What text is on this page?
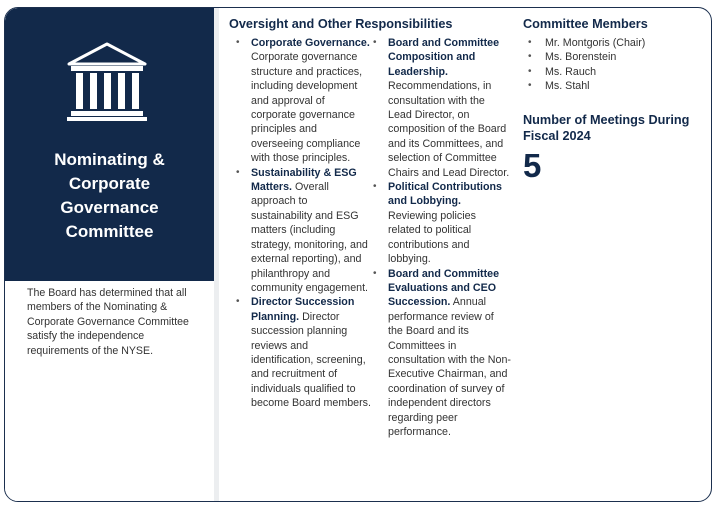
Nominating &
Corporate
Governance
Committee
The Board has determined that all members of the Nominating & Corporate Governance Committee satisfy the independence requirements of the NYSE.
Oversight and Other Responsibilities
• Corporate Governance. Corporate governance structure and practices, including development and approval of corporate governance principles and overseeing compliance with those principles.
• Sustainability & ESG Matters. Overall approach to sustainability and ESG matters (including strategy, monitoring, and external reporting), and philanthropy and community engagement.
• Director Succession Planning. Director succession planning reviews and identification, screening, and recruitment of individuals qualified to become Board members.
• Board and Committee Composition and Leadership. Recommendations, in consultation with the Lead Director, on composition of the Board and its Committees, and selection of Committee Chairs and Lead Director.
• Political Contributions and Lobbying. Reviewing policies related to political contributions and lobbying.
• Board and Committee Evaluations and CEO Succession. Annual performance review of the Board and its Committees in consultation with the Non-Executive Chairman, and coordination of survey of independent directors regarding peer performance.
Committee Members
• Mr. Montgoris (Chair)
• Ms. Borenstein
• Ms. Rauch
• Ms. Stahl
Number of Meetings During Fiscal 2024
5
